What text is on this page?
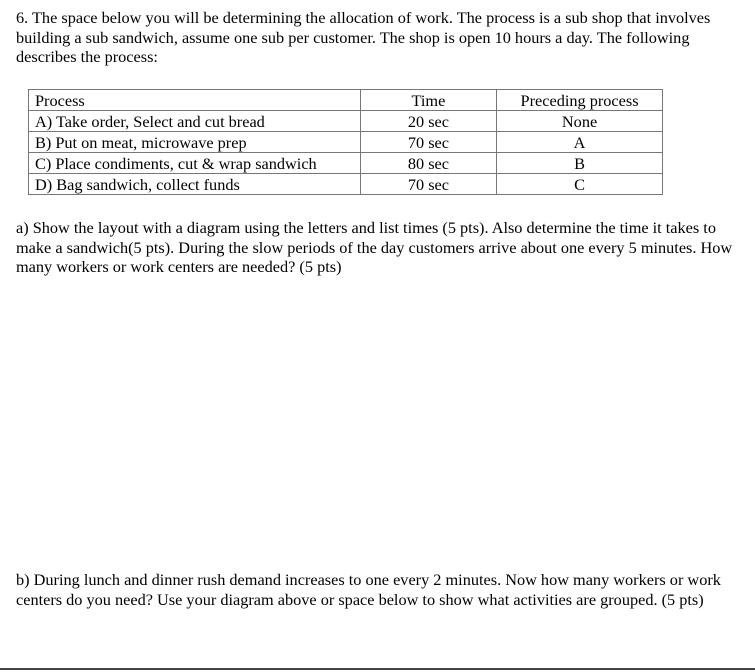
6. The space below you will be determining the allocation of work. The process is a sub shop that involves building a sub sandwich, assume one sub per customer. The shop is open 10 hours a day. The following describes the process:

Process	Time	Preceding process
A) Take order, Select and cut bread	20 sec	None
B) Put on meat, microwave prep	70 sec	A
C) Place condiments, cut & wrap sandwich	80 sec	B
D) Bag sandwich, collect funds	70 sec	C

a) Show the layout with a diagram using the letters and list times (5 pts). Also determine the time it takes to make a sandwich(5 pts). During the slow periods of the day customers arrive about one every 5 minutes. How many workers or work centers are needed? (5 pts)

b) During lunch and dinner rush demand increases to one every 2 minutes. Now how many workers or work centers do you need? Use your diagram above or space below to show what activities are grouped. (5 pts)
